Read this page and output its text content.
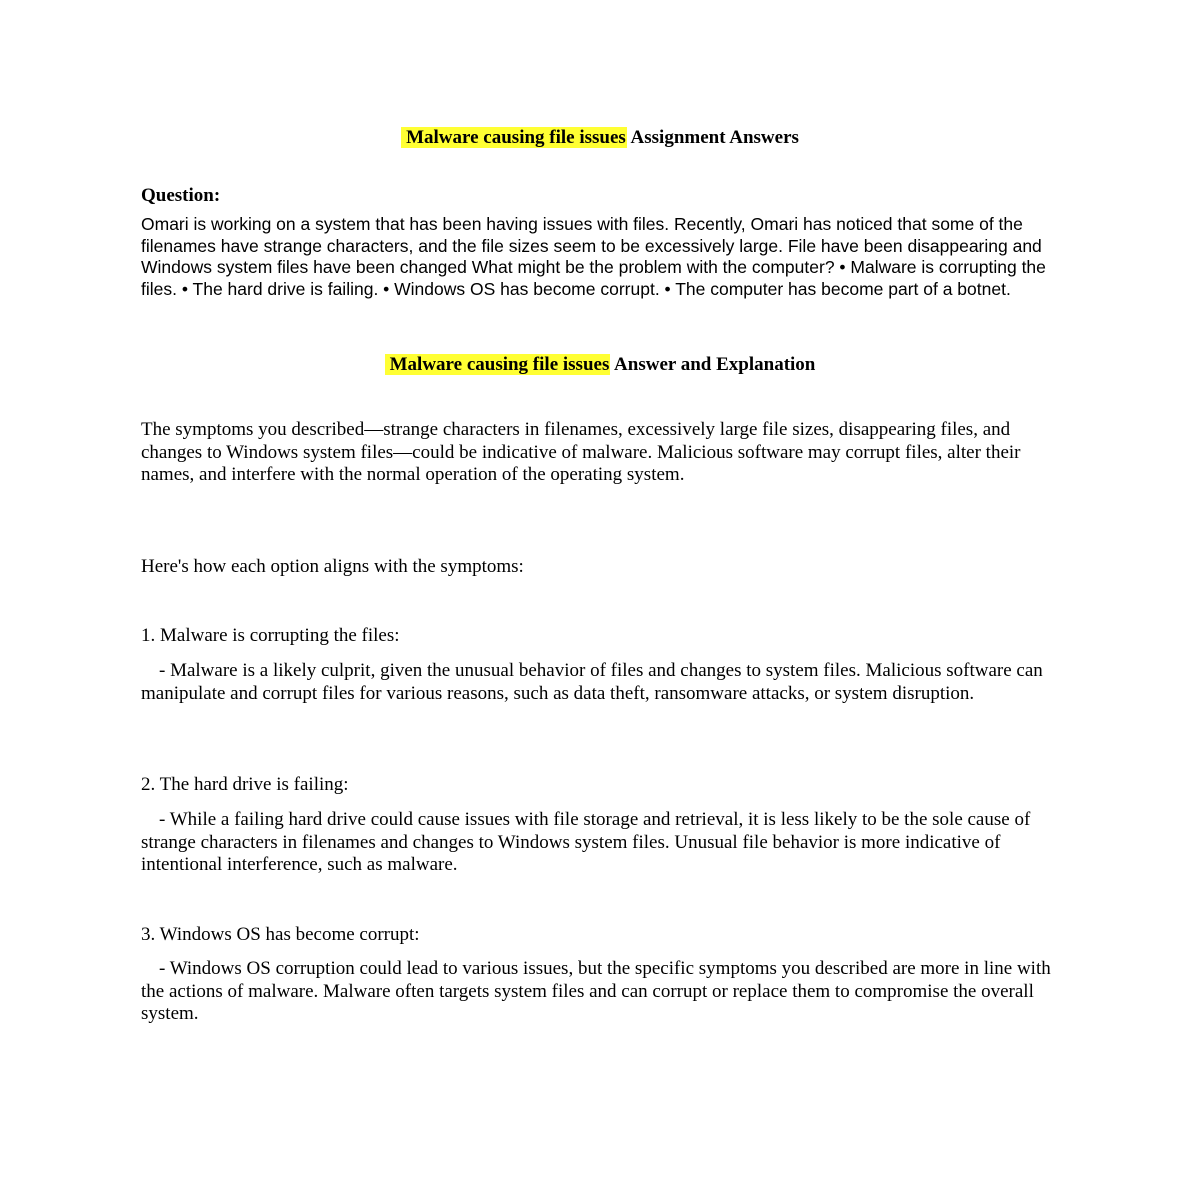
Malware causing file issues Assignment Answers

Question:

Omari is working on a system that has been having issues with files. Recently, Omari has noticed that some of the filenames have strange characters, and the file sizes seem to be excessively large. File have been disappearing and Windows system files have been changed What might be the problem with the computer? • Malware is corrupting the files. • The hard drive is failing. • Windows OS has become corrupt. • The computer has become part of a botnet.

Malware causing file issues Answer and Explanation

The symptoms you described—strange characters in filenames, excessively large file sizes, disappearing files, and changes to Windows system files—could be indicative of malware. Malicious software may corrupt files, alter their names, and interfere with the normal operation of the operating system.

Here's how each option aligns with the symptoms:

1. Malware is corrupting the files:

- Malware is a likely culprit, given the unusual behavior of files and changes to system files. Malicious software can manipulate and corrupt files for various reasons, such as data theft, ransomware attacks, or system disruption.

2. The hard drive is failing:

- While a failing hard drive could cause issues with file storage and retrieval, it is less likely to be the sole cause of strange characters in filenames and changes to Windows system files. Unusual file behavior is more indicative of intentional interference, such as malware.

3. Windows OS has become corrupt:

- Windows OS corruption could lead to various issues, but the specific symptoms you described are more in line with the actions of malware. Malware often targets system files and can corrupt or replace them to compromise the overall system.
